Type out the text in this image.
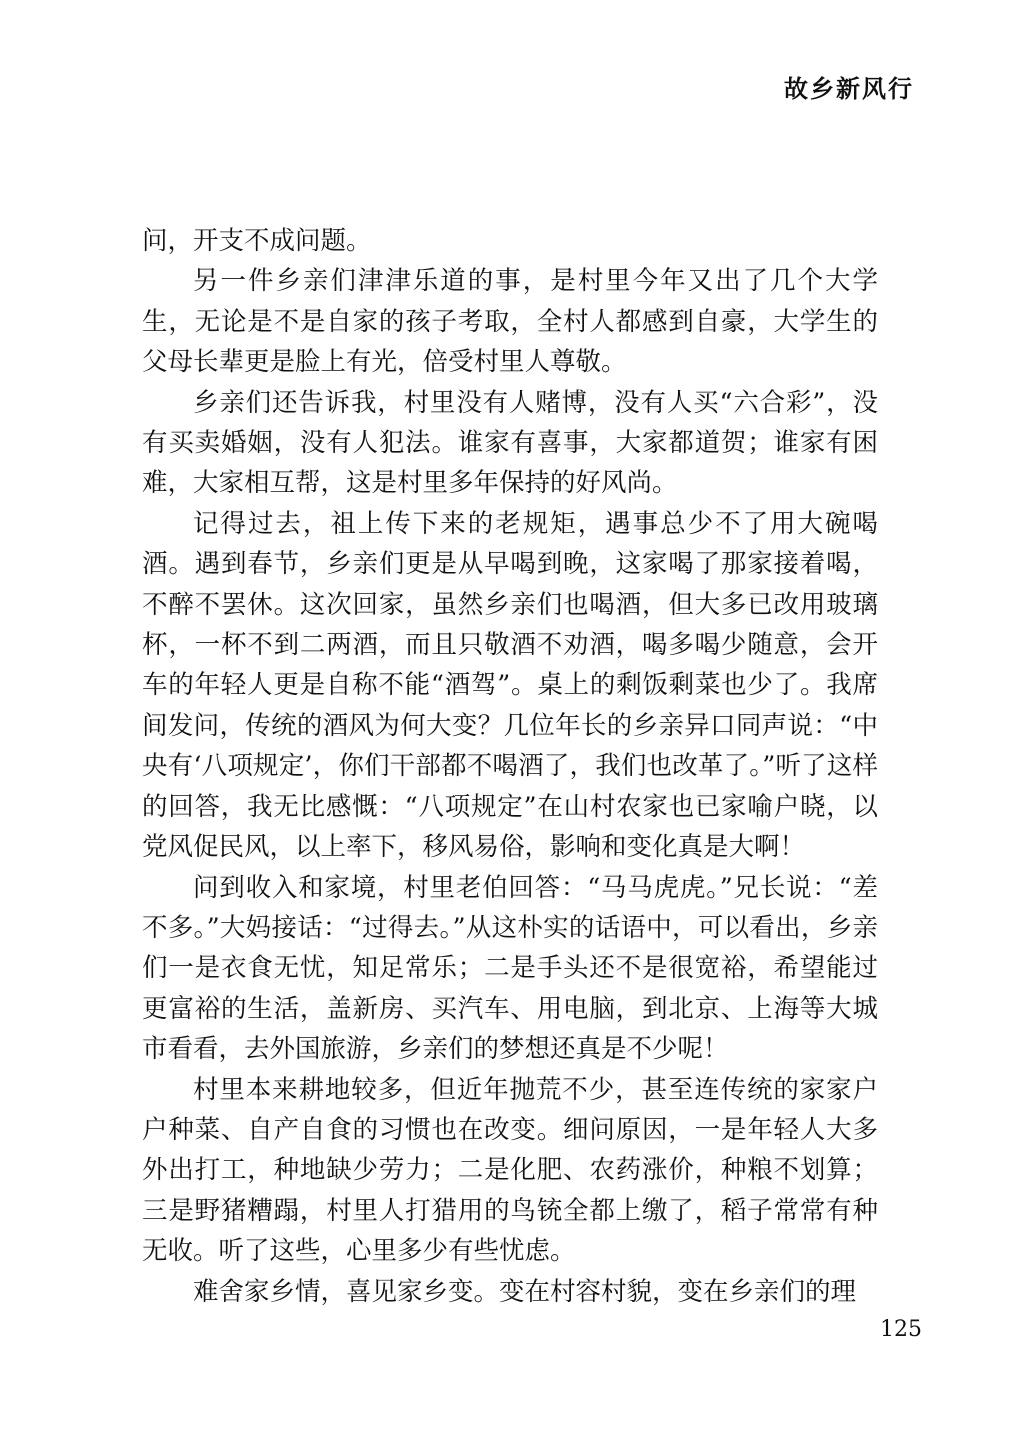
故乡新风行

问，开支不成问题。

另一件乡亲们津津乐道的事，是村里今年又出了几个大学生，无论是不是自家的孩子考取，全村人都感到自豪，大学生的父母长辈更是脸上有光，倍受村里人尊敬。

乡亲们还告诉我，村里没有人赌博，没有人买“六合彩”，没有买卖婚姻，没有人犯法。谁家有喜事，大家都道贺；谁家有困难，大家相互帮，这是村里多年保持的好风尚。

记得过去，祖上传下来的老规矩，遇事总少不了用大碗喝酒。遇到春节，乡亲们更是从早喝到晚，这家喝了那家接着喝，不醉不罢休。这次回家，虽然乡亲们也喝酒，但大多已改用玻璃杯，一杯不到二两酒，而且只敬酒不劝酒，喝多喝少随意，会开车的年轻人更是自称不能“酒驾”。桌上的剩饭剩菜也少了。我席间发问，传统的酒风为何大变？几位年长的乡亲异口同声说：“中央有‘八项规定’，你们干部都不喝酒了，我们也改革了。”听了这样的回答，我无比感慨：“八项规定”在山村农家也已家喻户晓，以党风促民风，以上率下，移风易俗，影响和变化真是大啊！

问到收入和家境，村里老伯回答：“马马虎虎。”兄长说：“差不多。”大妈接话：“过得去。”从这朴实的话语中，可以看出，乡亲们一是衣食无忧，知足常乐；二是手头还不是很宽裕，希望能过更富裕的生活，盖新房、买汽车、用电脑，到北京、上海等大城市看看，去外国旅游，乡亲们的梦想还真是不少呢！

村里本来耕地较多，但近年抛荒不少，甚至连传统的家家户户种菜、自产自食的习惯也在改变。细问原因，一是年轻人大多外出打工，种地缺少劳力；二是化肥、农药涨价，种粮不划算；三是野猪糟蹋，村里人打猎用的鸟铳全都上缴了，稻子常常有种无收。听了这些，心里多少有些忧虑。

难舍家乡情，喜见家乡变。变在村容村貌，变在乡亲们的理

125
